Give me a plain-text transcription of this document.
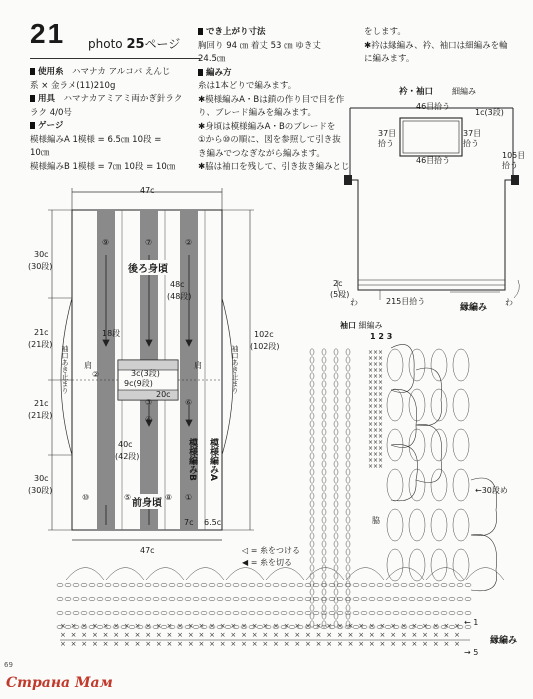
21 photo 25ページ
使用糸　 ハマナカ アルコバ えんじ
系 × 金ラメ(11)210g
用具　 ハマナカアミアミ両かぎ針ラク
ラク 4/0号
ゲージ
模様編みA 1模様 = 6.5㎝ 10段 =
10㎝
模様編みB 1模様 = 7㎝ 10段 = 10㎝
でき上がり寸法
胸回り 94 ㎝ 着丈 53 ㎝ ゆき丈
24.5㎝
編み方
糸は1本どりで編みます。
✱模様編みA・Bは鎖の作り目で目を作
り、ブレード編みを編みます。
✱身頃は模様編みA・Bのブレードを
①から⑩の順に、図を参照して引き抜
き編みでつなぎながら編みます。
✱脇は袖口を残して、引き抜き編みとじ
をします。
✱衿は縁編み、衿、袖口は細編みを輪
に編みます。
47c
47c
30c
(30段)
21c
(21段)
21c
(21段)
30c
(30段)
袖口あき止まり	袖口あき止まり
102c
(102段)
後ろ身頃
前身頃
48c
(48段)
18段
3c(3段)
9c(9段)
20c
肩	肩
40c
(42段)	模様編みB 模様編みA
7c 6.5c
⑨	⑦	②
③
④
⑥
⑩	⑤	⑧ ①
②
衿・袖口 細編み
46目拾う
46目拾う
37目
拾う
37目
拾う
1c(3段)
105目
拾う
2c
(5段)
わ	わ
215目拾う
縁編み
袖口 細編み
1 2 3
←30段め
脇
← 1
→ 5
縁編み
×××
×××
×××
×××
×××
×××
×××
×××
×××
×××
×××
×××
×××
×××
×××
×××
×××
×××
×××
×××
× × × × × × × × × × × × × × × × × × × × × × × × × × × × × × × × × × × × × ×
× × × × × × × × × × × × × × × × × × × × × × × × × × × × × × × × × × × × × ×
× × × × × × × × × × × × × × × × × × × × × × × × × × × × × × × × × × × × × ×
◁ = 糸をつける
◀ = 糸を切る
69
Страна Мам
